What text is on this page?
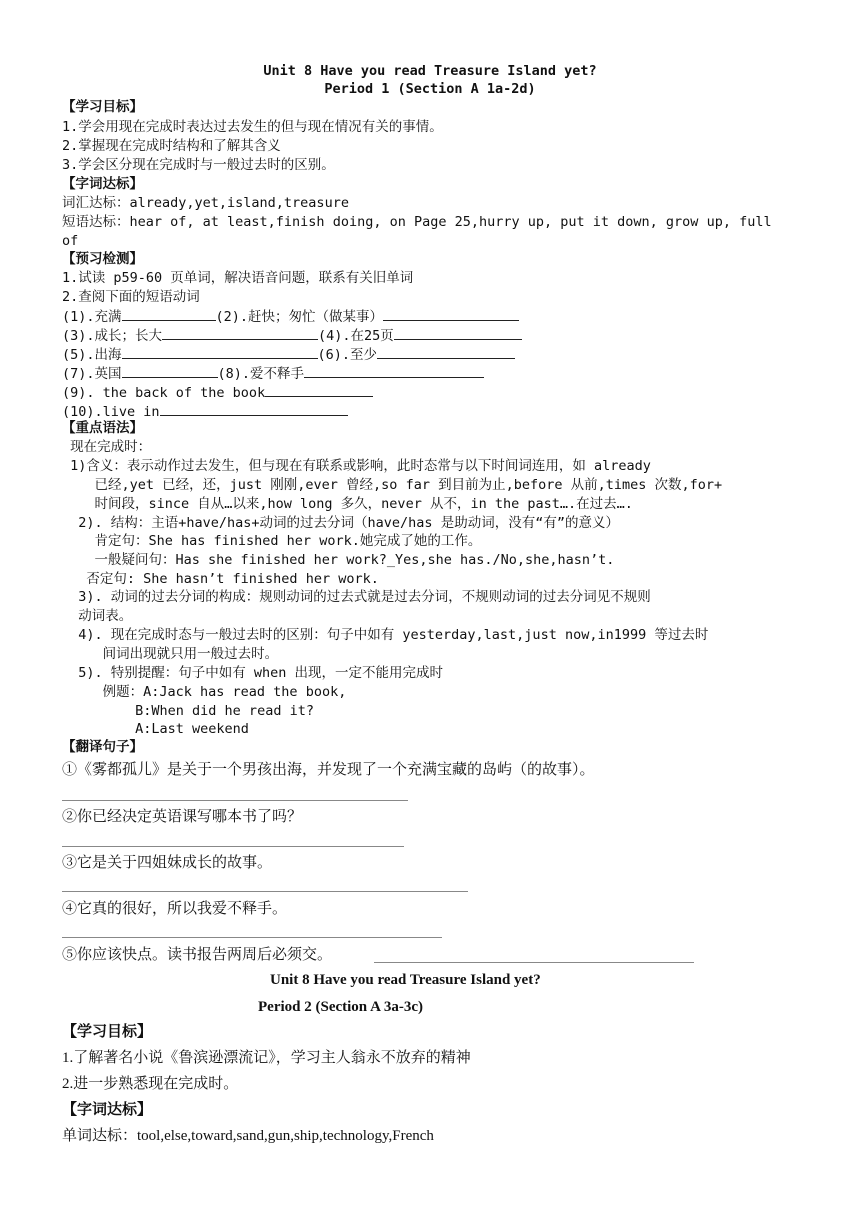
Unit 8 Have you read Treasure Island yet?
Period 1 (Section A 1a-2d)
【学习目标】
1.学会用现在完成时表达过去发生的但与现在情况有关的事情。
2.掌握现在完成时结构和了解其含义
3.学会区分现在完成时与一般过去时的区别。
【字词达标】
词汇达标：already,yet,island,treasure
短语达标：hear of, at least,finish doing, on Page 25,hurry up, put it down, grow up, full
of
【预习检测】
1.试读 p59-60 页单词，解决语音问题，联系有关旧单词
2.查阅下面的短语动词
(1).充满	(2).赶快；匆忙（做某事）
(3).成长；长大	(4).在25页
(5).出海	(6).至少
(7).英国	(8).爱不释手
(9). the back of the book
(10).live in
【重点语法】
现在完成时：
1)含义：表示动作过去发生，但与现在有联系或影响，此时态常与以下时间词连用，如 already
已经,yet 已经，还，just 刚刚,ever 曾经,so far 到目前为止,before 从前,times 次数,for+
时间段，since 自从…以来,how long 多久，never 从不，in the past….在过去….
2). 结构：主语+have/has+动词的过去分词（have/has 是助动词，没有“有”的意义）
肯定句：She has finished her work.她完成了她的工作。
一般疑问句：Has she finished her work?_Yes,she has./No,she,hasn’t.
否定句: She hasn’t finished her work.
3). 动词的过去分词的构成：规则动词的过去式就是过去分词，不规则动词的过去分词见不规则
动词表。
4). 现在完成时态与一般过去时的区别：句子中如有 yesterday,last,just now,in1999 等过去时
间词出现就只用一般过去时。
5). 特别提醒：句子中如有 when 出现，一定不能用完成时
例题：A:Jack has read the book,
B:When did he read it?
A:Last weekend
【翻译句子】
①《雾都孤儿》是关于一个男孩出海，并发现了一个充满宝藏的岛屿（的故事）。
②你已经决定英语课写哪本书了吗？
③它是关于四姐妹成长的故事。
④它真的很好，所以我爱不释手。
⑤你应该快点。读书报告两周后必须交。
Unit 8 Have you read Treasure Island yet?
Period 2 (Section A 3a-3c)
【学习目标】
1.了解著名小说《鲁滨逊漂流记》，学习主人翁永不放弃的精神
2.进一步熟悉现在完成时。
【字词达标】
单词达标：tool,else,toward,sand,gun,ship,technology,French
